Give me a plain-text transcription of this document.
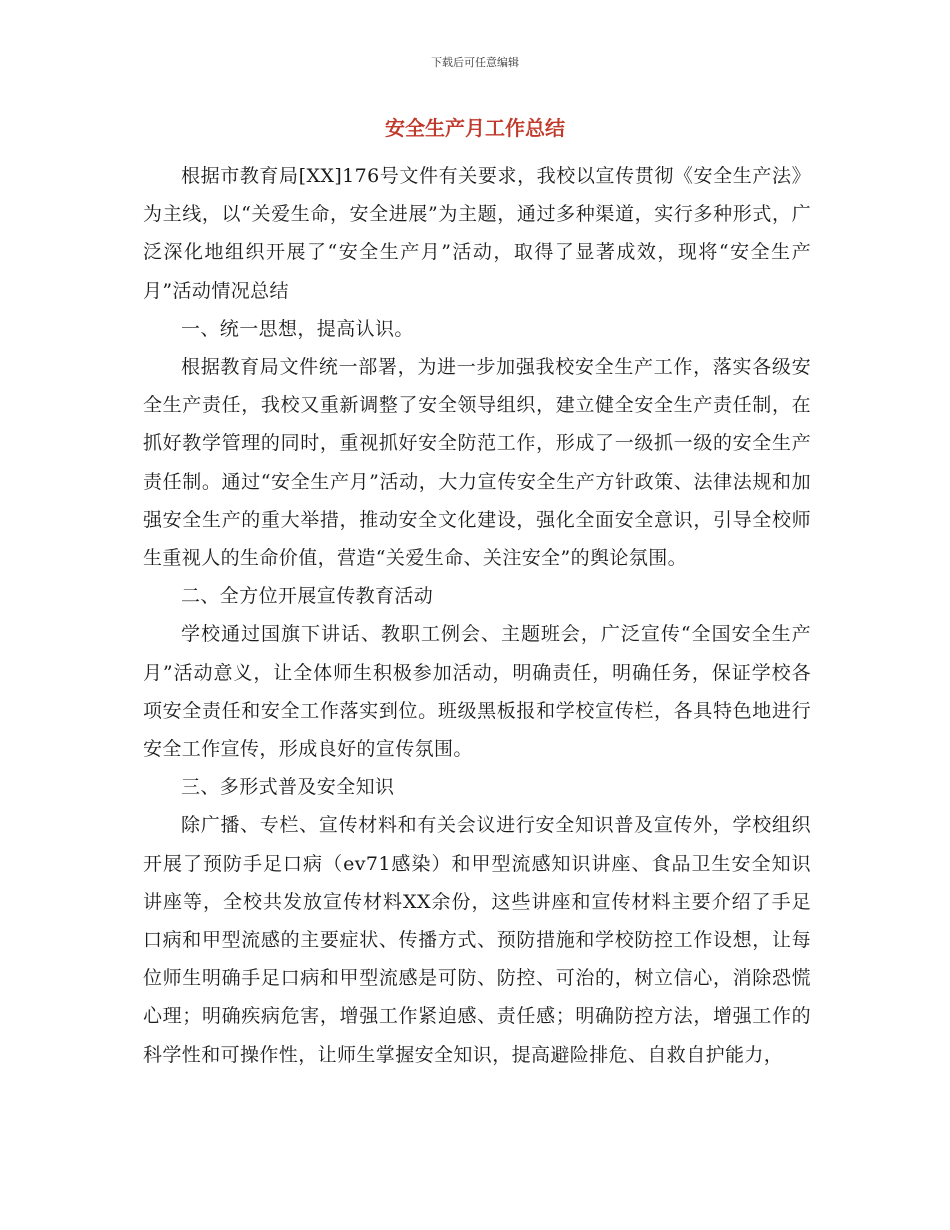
下载后可任意编辑
安全生产月工作总结

根据市教育局[XX]176号文件有关要求，我校以宣传贯彻《安全生产法》为主线，以“关爱生命，安全进展”为主题，通过多种渠道，实行多种形式，广泛深化地组织开展了“安全生产月”活动，取得了显著成效，现将“安全生产月”活动情况总结

一、统一思想，提高认识。

根据教育局文件统一部署，为进一步加强我校安全生产工作，落实各级安全生产责任，我校又重新调整了安全领导组织，建立健全安全生产责任制，在抓好教学管理的同时，重视抓好安全防范工作，形成了一级抓一级的安全生产责任制。通过“安全生产月”活动，大力宣传安全生产方针政策、法律法规和加强安全生产的重大举措，推动安全文化建设，强化全面安全意识，引导全校师生重视人的生命价值，营造“关爱生命、关注安全”的舆论氛围。

二、全方位开展宣传教育活动

学校通过国旗下讲话、教职工例会、主题班会，广泛宣传“全国安全生产月”活动意义，让全体师生积极参加活动，明确责任，明确任务，保证学校各项安全责任和安全工作落实到位。班级黑板报和学校宣传栏，各具特色地进行安全工作宣传，形成良好的宣传氛围。

三、多形式普及安全知识

除广播、专栏、宣传材料和有关会议进行安全知识普及宣传外，学校组织开展了预防手足口病（ev71感染）和甲型流感知识讲座、食品卫生安全知识讲座等，全校共发放宣传材料XX余份，这些讲座和宣传材料主要介绍了手足口病和甲型流感的主要症状、传播方式、预防措施和学校防控工作设想，让每位师生明确手足口病和甲型流感是可防、防控、可治的，树立信心，消除恐慌心理；明确疾病危害，增强工作紧迫感、责任感；明确防控方法，增强工作的科学性和可操作性，让师生掌握安全知识，提高避险排危、自救自护能力，
